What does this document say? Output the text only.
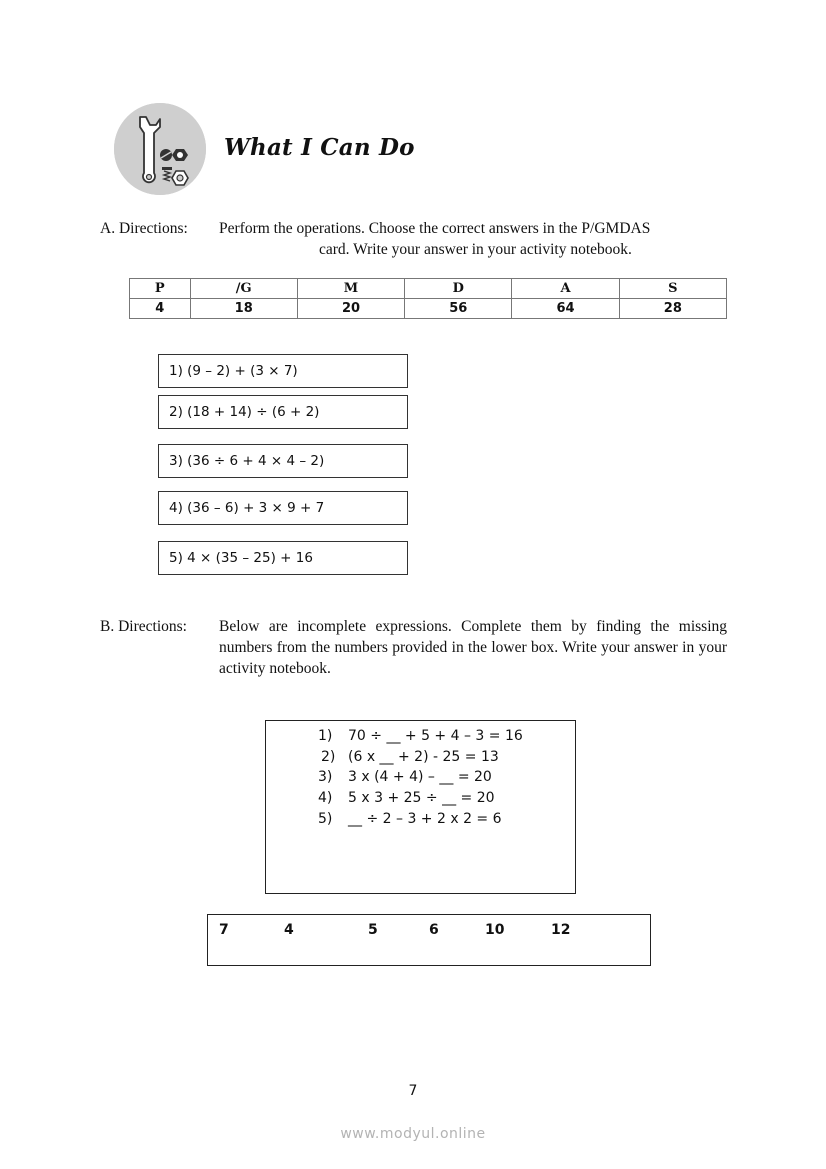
What I Can Do
A. Directions: Perform the operations. Choose the correct answers in the P/GMDAS
card. Write your answer in your activity notebook.
P	/G	M	D	A	S
4	18	20	56	64	28
1) (9 – 2) + (3 × 7)
2) (18 + 14) ÷ (6 + 2)
3) (36 ÷ 6 + 4 × 4 – 2)
4) (36 – 6) + 3 × 9 + 7
5) 4 × (35 – 25) + 16
B. Directions: Below are incomplete expressions. Complete them by finding the missing numbers from the numbers provided in the lower box. Write your answer in your activity notebook.
1) 70 ÷ __ + 5 + 4 – 3 = 16
2) (6 x __ + 2) - 25 = 13
3) 3 x (4 + 4) – __ = 20
4) 5 x 3 + 25 ÷ __ = 20
5) __ ÷ 2 – 3 + 2 x 2 = 6
7	4	5	6	10	12
7
www.modyul.online
